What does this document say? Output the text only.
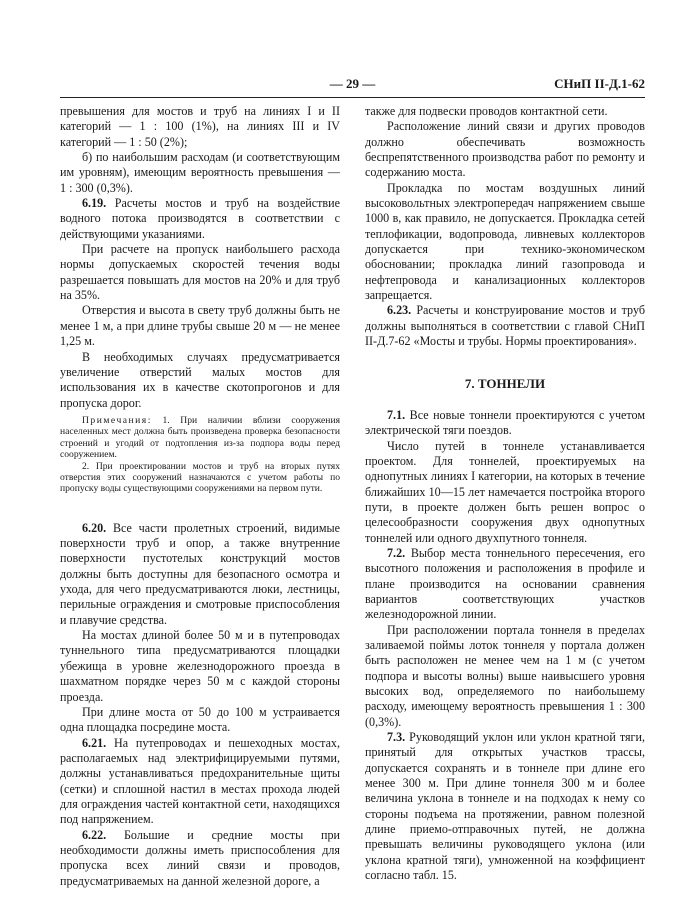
— 29 —	СНиП II-Д.1-62

превышения для мостов и труб на линиях I и II категорий — 1 : 100 (1%), на линиях III и IV категорий — 1 : 50 (2%);

б) по наибольшим расходам (и соответствующим им уровням), имеющим вероятность превышения — 1 : 300 (0,3%).

6.19. Расчеты мостов и труб на воздействие водного потока производятся в соответствии с действующими указаниями.

При расчете на пропуск наибольшего расхода нормы допускаемых скоростей течения воды разрешается повышать для мостов на 20% и для труб на 35%.

Отверстия и высота в свету труб должны быть не менее 1 м, а при длине трубы свыше 20 м — не менее 1,25 м.

В необходимых случаях предусматривается увеличение отверстий малых мостов для использования их в качестве скотопрогонов и для пропуска дорог.

Примечания: 1. При наличии вблизи сооружения населенных мест должна быть произведена проверка безопасности строений и угодий от подтопления из-за подпора воды перед сооружением.

2. При проектировании мостов и труб на вторых путях отверстия этих сооружений назначаются с учетом работы по пропуску воды существующими сооружениями на первом пути.

6.20. Все части пролетных строений, видимые поверхности труб и опор, а также внутренние поверхности пустотелых конструкций мостов должны быть доступны для безопасного осмотра и ухода, для чего предусматриваются люки, лестницы, перильные ограждения и смотровые приспособления и плавучие средства.

На мостах длиной более 50 м и в путепроводах туннельного типа предусматриваются площадки убежища в уровне железнодорожного проезда в шахматном порядке через 50 м с каждой стороны проезда.

При длине моста от 50 до 100 м устраивается одна площадка посредине моста.

6.21. На путепроводах и пешеходных мостах, располагаемых над электрифицируемыми путями, должны устанавливаться предохранительные щиты (сетки) и сплошной настил в местах прохода людей для ограждения частей контактной сети, находящихся под напряжением.

6.22. Большие и средние мосты при необходимости должны иметь приспособления для пропуска всех линий связи и проводов, предусматриваемых на данной железной дороге, а

также для подвески проводов контактной сети.

Расположение линий связи и других проводов должно обеспечивать возможность беспрепятственного производства работ по ремонту и содержанию моста.

Прокладка по мостам воздушных линий высоковольтных электропередач напряжением свыше 1000 в, как правило, не допускается. Прокладка сетей теплофикации, водопровода, ливневых коллекторов допускается при технико-экономическом обосновании; прокладка линий газопровода и нефтепровода и канализационных коллекторов запрещается.

6.23. Расчеты и конструирование мостов и труб должны выполняться в соответствии с главой СНиП II-Д.7-62 «Мосты и трубы. Нормы проектирования».

7. ТОННЕЛИ

7.1. Все новые тоннели проектируются с учетом электрической тяги поездов.

Число путей в тоннеле устанавливается проектом. Для тоннелей, проектируемых на однопутных линиях I категории, на которых в течение ближайших 10—15 лет намечается постройка второго пути, в проекте должен быть решен вопрос о целесообразности сооружения двух однопутных тоннелей или одного двухпутного тоннеля.

7.2. Выбор места тоннельного пересечения, его высотного положения и расположения в профиле и плане производится на основании сравнения вариантов соответствующих участков железнодорожной линии.

При расположении портала тоннеля в пределах заливаемой поймы лоток тоннеля у портала должен быть расположен не менее чем на 1 м (с учетом подпора и высоты волны) выше наивысшего уровня высоких вод, определяемого по наибольшему расходу, имеющему вероятность превышения 1 : 300 (0,3%).

7.3. Руководящий уклон или уклон кратной тяги, принятый для открытых участков трассы, допускается сохранять и в тоннеле при длине его менее 300 м. При длине тоннеля 300 м и более величина уклона в тоннеле и на подходах к нему со стороны подъема на протяжении, равном полезной длине приемо-отправочных путей, не должна превышать величины руководящего уклона (или уклона кратной тяги), умноженной на коэффициент согласно табл. 15.
